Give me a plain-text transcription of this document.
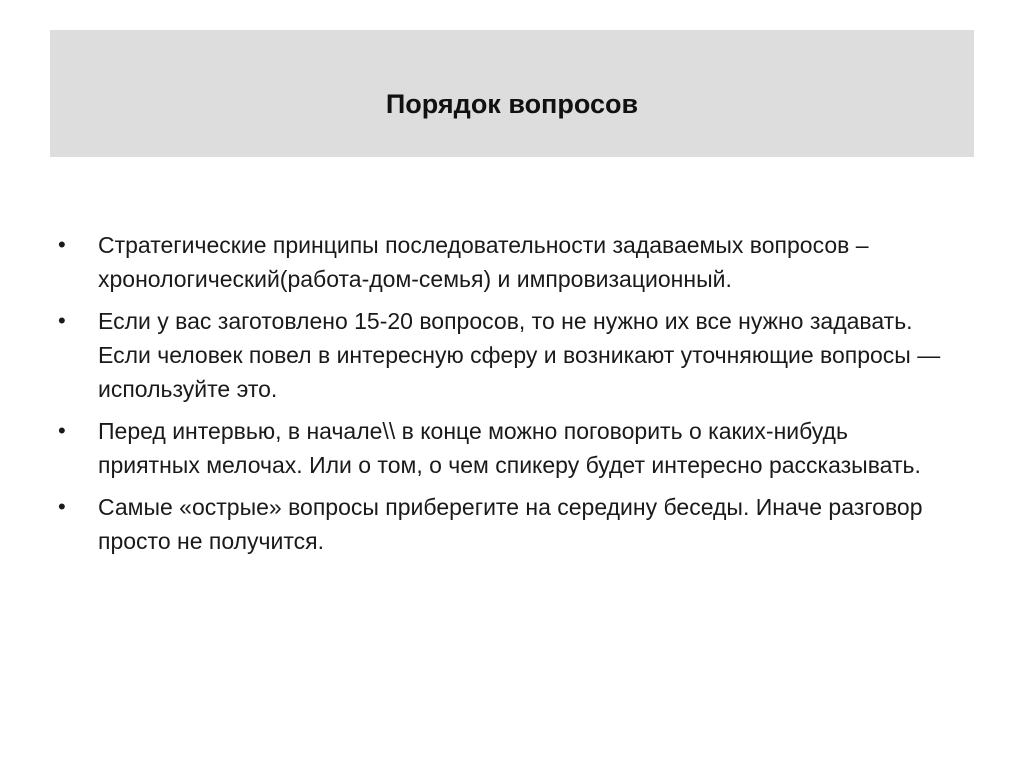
Порядок вопросов
•	Стратегические принципы последовательности задаваемых вопросов – хронологический(работа-дом-семья) и импровизационный.
•	Если у вас заготовлено 15-20 вопросов, то не нужно их все нужно задавать. Если человек повел в интересную сферу и возникают уточняющие вопросы —используйте это.
•	Перед интервью, в начале\\ в конце можно поговорить о каких-нибудь приятных мелочах. Или о том, о чем спикеру будет интересно рассказывать.
•	Самые «острые» вопросы приберегите на середину беседы. Иначе разговор просто не получится.
